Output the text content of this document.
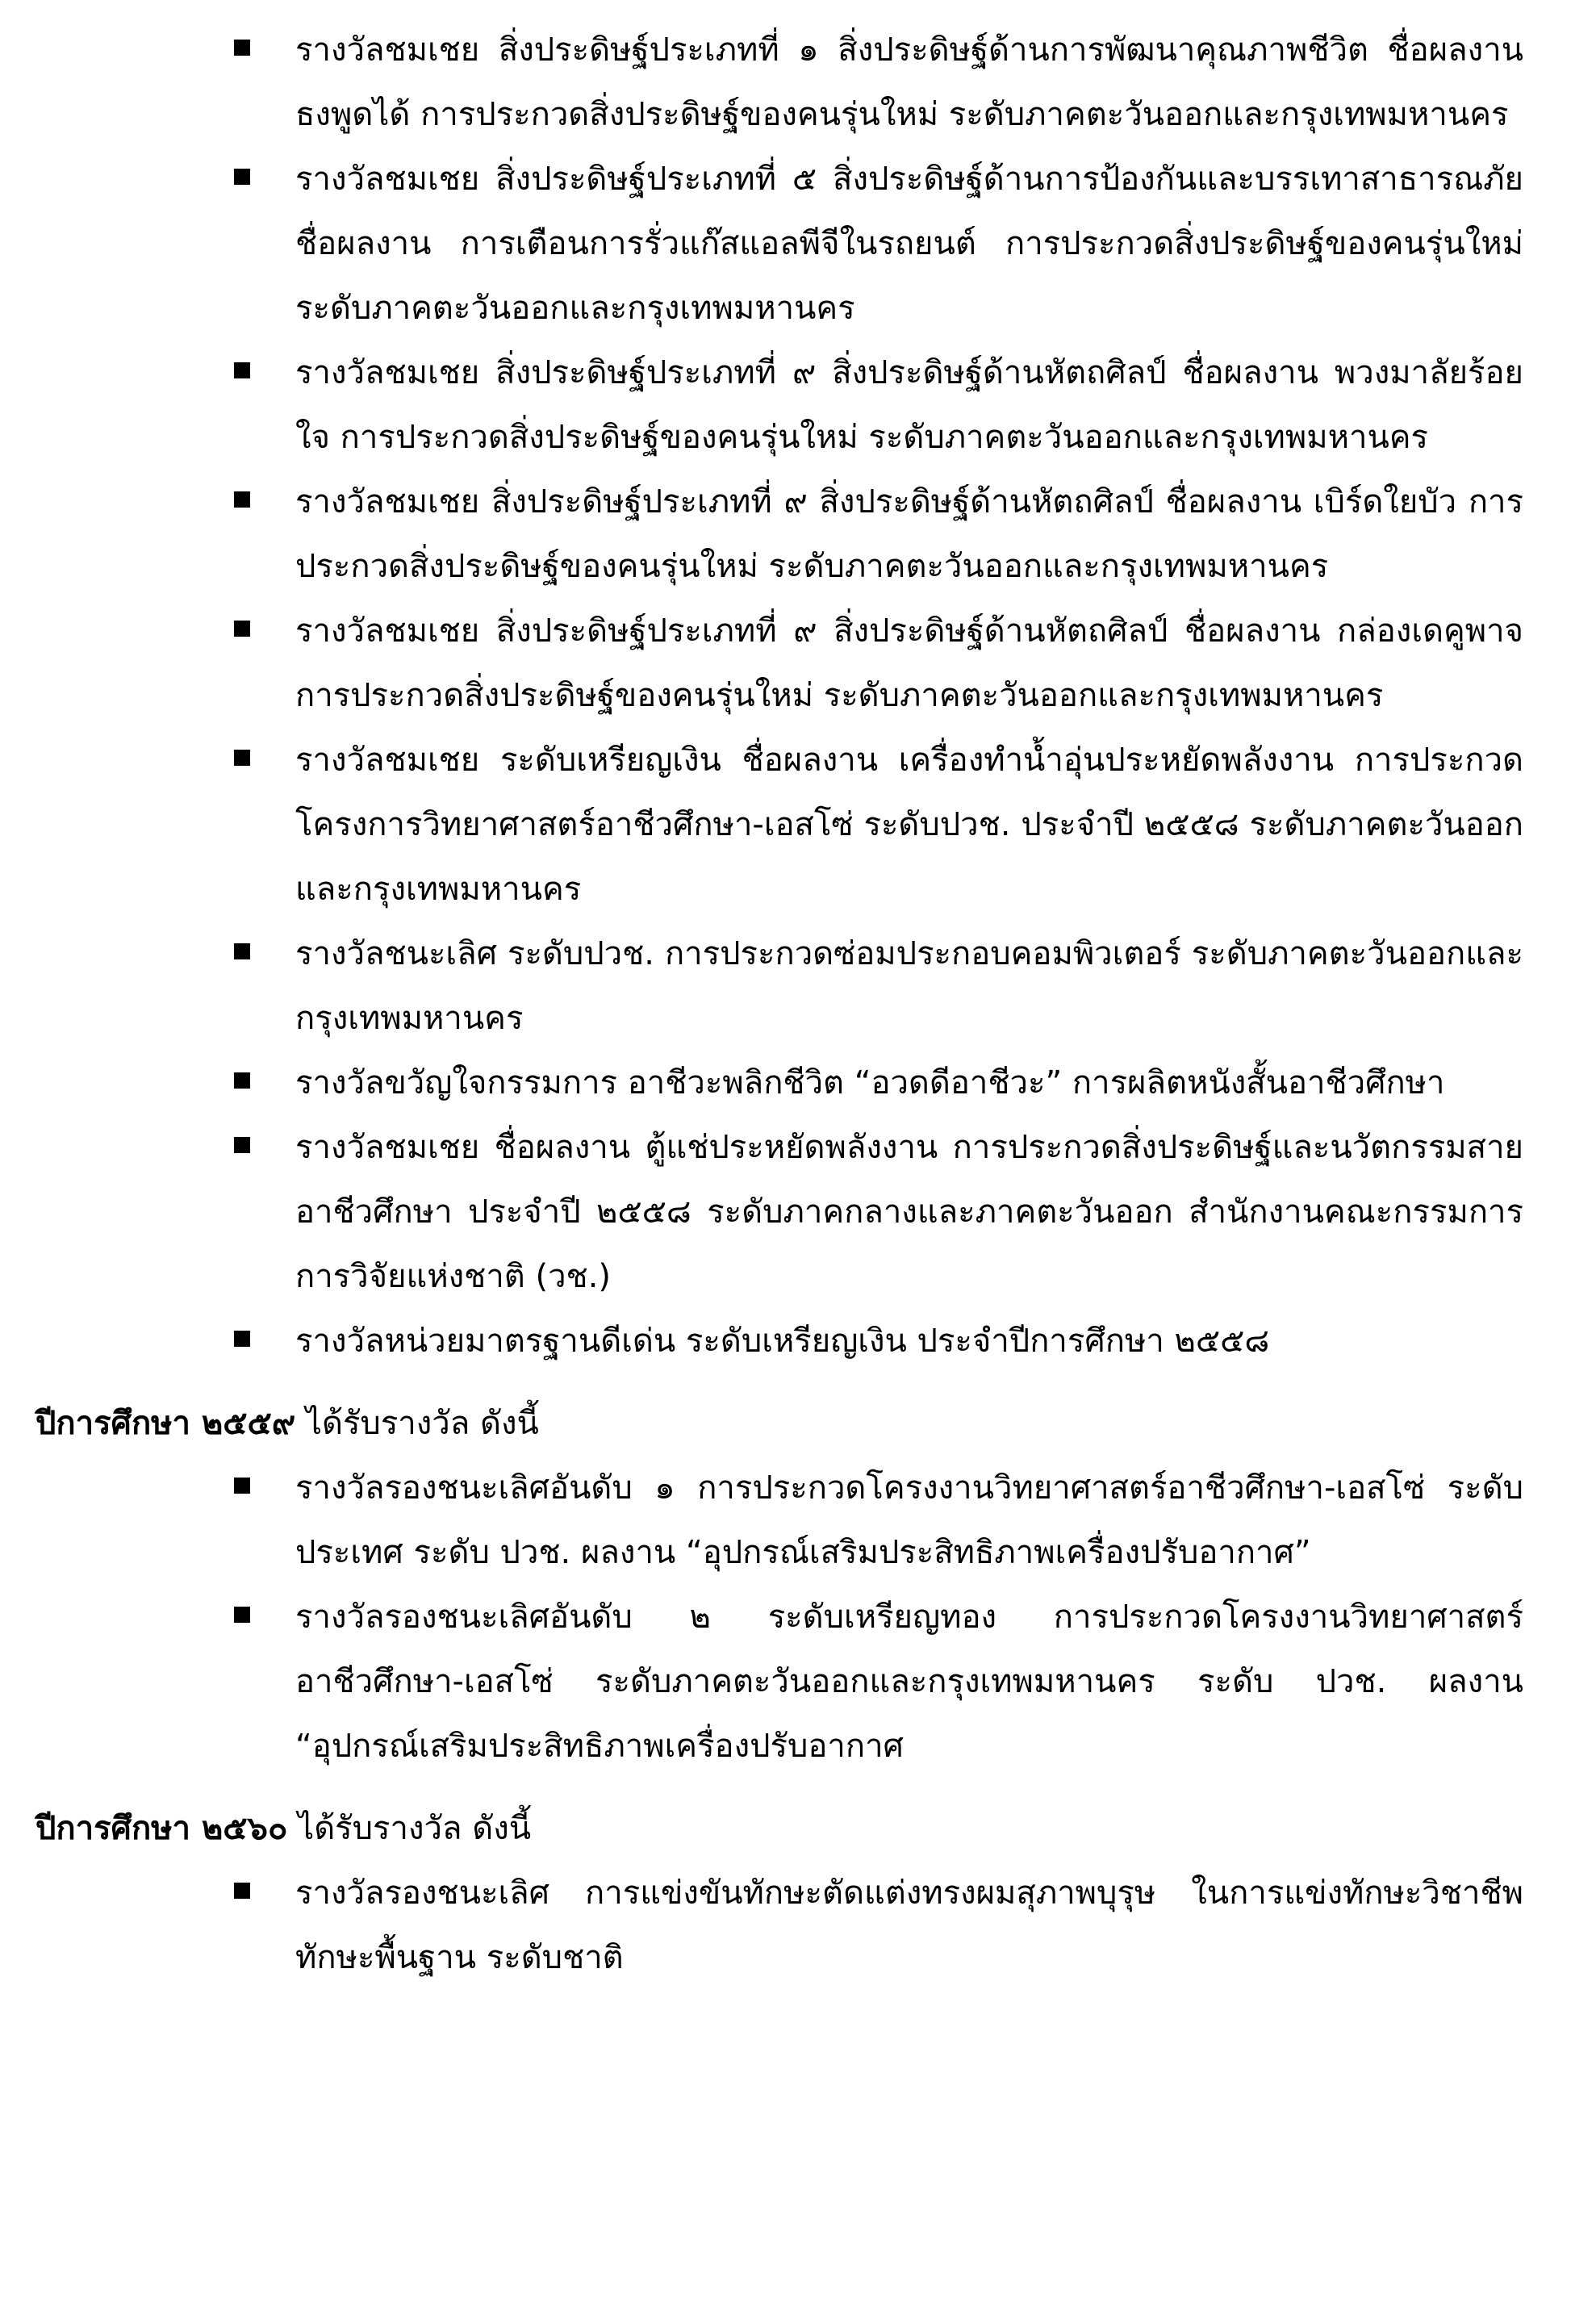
รางวัลชมเชย สิ่งประดิษฐ์ประเภทที่ ๑ สิ่งประดิษฐ์ด้านการพัฒนาคุณภาพชีวิต ชื่อผลงาน ธงพูดได้ การประกวดสิ่งประดิษฐ์ของคนรุ่นใหม่ ระดับภาคตะวันออกและกรุงเทพมหานคร
รางวัลชมเชย สิ่งประดิษฐ์ประเภทที่ ๕ สิ่งประดิษฐ์ด้านการป้องกันและบรรเทาสาธารณภัย ชื่อผลงาน การเตือนการรั่วแก๊สแอลพีจีในรถยนต์ การประกวดสิ่งประดิษฐ์ของคนรุ่นใหม่ ระดับภาคตะวันออกและกรุงเทพมหานคร
รางวัลชมเชย สิ่งประดิษฐ์ประเภทที่ ๙ สิ่งประดิษฐ์ด้านหัตถศิลป์ ชื่อผลงาน พวงมาลัยร้อยใจ การประกวดสิ่งประดิษฐ์ของคนรุ่นใหม่ ระดับภาคตะวันออกและกรุงเทพมหานคร
รางวัลชมเชย สิ่งประดิษฐ์ประเภทที่ ๙ สิ่งประดิษฐ์ด้านหัตถศิลป์ ชื่อผลงาน เบิร์ดใยบัว การประกวดสิ่งประดิษฐ์ของคนรุ่นใหม่ ระดับภาคตะวันออกและกรุงเทพมหานคร
รางวัลชมเชย สิ่งประดิษฐ์ประเภทที่ ๙ สิ่งประดิษฐ์ด้านหัตถศิลป์ ชื่อผลงาน กล่องเดคูพาจ การประกวดสิ่งประดิษฐ์ของคนรุ่นใหม่ ระดับภาคตะวันออกและกรุงเทพมหานคร
รางวัลชมเชย ระดับเหรียญเงิน ชื่อผลงาน เครื่องทำน้ำอุ่นประหยัดพลังงาน การประกวดโครงการวิทยาศาสตร์อาชีวศึกษา-เอสโซ่ ระดับปวช. ประจำปี ๒๕๕๘ ระดับภาคตะวันออกและกรุงเทพมหานคร
รางวัลชนะเลิศ ระดับปวช. การประกวดซ่อมประกอบคอมพิวเตอร์ ระดับภาคตะวันออกและกรุงเทพมหานคร
รางวัลขวัญใจกรรมการ อาชีวะพลิกชีวิต “อวดดีอาชีวะ” การผลิตหนังสั้นอาชีวศึกษา
รางวัลชมเชย ชื่อผลงาน ตู้แช่ประหยัดพลังงาน การประกวดสิ่งประดิษฐ์และนวัตกรรมสายอาชีวศึกษา ประจำปี ๒๕๕๘ ระดับภาคกลางและภาคตะวันออก สำนักงานคณะกรรมการการวิจัยแห่งชาติ (วช.)
รางวัลหน่วยมาตรฐานดีเด่น ระดับเหรียญเงิน ประจำปีการศึกษา ๒๕๕๘
ปีการศึกษา ๒๕๕๙ ได้รับรางวัล ดังนี้
รางวัลรองชนะเลิศอันดับ ๑ การประกวดโครงงานวิทยาศาสตร์อาชีวศึกษา-เอสโซ่ ระดับประเทศ ระดับ ปวช. ผลงาน “อุปกรณ์เสริมประสิทธิภาพเครื่องปรับอากาศ”
รางวัลรองชนะเลิศอันดับ ๒ ระดับเหรียญทอง การประกวดโครงงานวิทยาศาสตร์อาชีวศึกษา-เอสโซ่ ระดับภาคตะวันออกและกรุงเทพมหานคร ระดับ ปวช. ผลงาน “อุปกรณ์เสริมประสิทธิภาพเครื่องปรับอากาศ
ปีการศึกษา ๒๕๖๐ ได้รับรางวัล ดังนี้
รางวัลรองชนะเลิศ การแข่งขันทักษะตัดแต่งทรงผมสุภาพบุรุษ ในการแข่งทักษะวิชาชีพ ทักษะพื้นฐาน ระดับชาติ
